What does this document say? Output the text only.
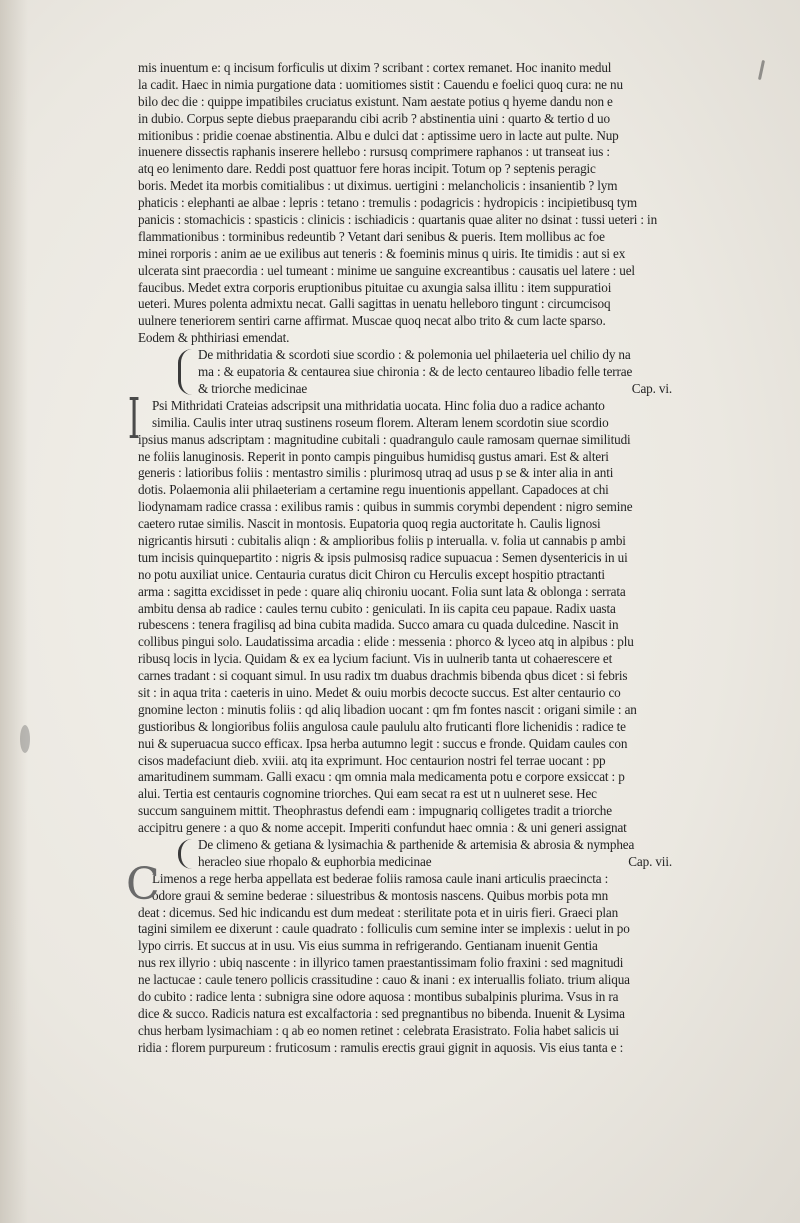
mis inuentum e: q incisum forficulis ut dixim ? scribant : cortex remanet. Hoc inanito medul
la cadit. Haec in nimia purgatione data : uomitiomes sistit : Cauendu e foelici quoq cura: ne nu
bilo dec die : quippe impatibiles cruciatus existunt. Nam aestate potius q hyeme dandu non e
in dubio. Corpus septe diebus praeparandu cibi acrib ? abstinentia uini : quarto & tertio d uo
mitionibus : pridie coenae abstinentia. Albu e dulci dat : aptissime uero in lacte aut pulte. Nup
inuenere dissectis raphanis inserere hellebo : rursusq comprimere raphanos : ut transeat ius :
atq eo lenimento dare. Reddi post quattuor fere horas incipit. Totum op ? septenis peragic
boris. Medet ita morbis comitialibus : ut diximus. uertigini : melancholicis : insanientib ? lym
phaticis : elephanti ae albae : lepris : tetano : tremulis : podagricis : hydropicis : incipietibusq tym
panicis : stomachicis : spasticis : clinicis : ischiadicis : quartanis quae aliter no dsinat : tussi ueteri : in
flammationibus : torminibus redeuntib ? Vetant dari senibus & pueris. Item mollibus ac foe
minei rorporis : anim ae ue exilibus aut teneris : & foeminis minus q uiris. Ite timidis : aut si ex
ulcerata sint praecordia : uel tumeant : minime ue sanguine excreantibus : causatis uel latere : uel
faucibus. Medet extra corporis eruptionibus pituitae cu axungia salsa illitu : item suppuratioi
ueteri. Mures polenta admixtu necat. Galli sagittas in uenatu helleboro tingunt : circumcisoq
uulnere teneriorem sentiri carne affirmat. Muscae quoq necat albo trito & cum lacte sparso.
Eodem & phthiriasi emendat.
De mithridatia & scordoti siue scordio : & polemonia uel philaeteria uel chilio dy na
ma : & eupatoria & centaurea siue chironia : & de lecto centaureo libadio felle terrae
& triorche medicinae	Cap. vi.
I Psi Mithridati Crateias adscripsit una mithridatia uocata. Hinc folia duo a radice achanto
similia. Caulis inter utraq sustinens roseum florem. Alteram lenem scordotin siue scordio
ipsius manus adscriptam : magnitudine cubitali : quadrangulo caule ramosam quernae similitudi
ne foliis lanuginosis. Reperit in ponto campis pinguibus humidisq gustus amari. Est & alteri
generis : latioribus foliis : mentastro similis : plurimosq utraq ad usus p se & inter alia in anti
dotis. Polaemonia alii philaeteriam a certamine regu inuentionis appellant. Capadoces at chi
liodynamam radice crassa : exilibus ramis : quibus in summis corymbi dependent : nigro semine
caetero rutae similis. Nascit in montosis. Eupatoria quoq regia auctoritate h. Caulis lignosi
nigricantis hirsuti : cubitalis aliqn : & amplioribus foliis p interualla. v. folia ut cannabis p ambi
tum incisis quinquepartito : nigris & ipsis pulmosisq radice supuacua : Semen dysentericis in ui
no potu auxiliat unice. Centauria curatus dicit Chiron cu Herculis except hospitio ptractanti
arma : sagitta excidisset in pede : quare aliq chironiu uocant. Folia sunt lata & oblonga : serrata
ambitu densa ab radice : caules ternu cubito : geniculati. In iis capita ceu papaue. Radix uasta
rubescens : tenera fragilisq ad bina cubita madida. Succo amara cu quada dulcedine. Nascit in
collibus pingui solo. Laudatissima arcadia : elide : messenia : phorco & lyceo atq in alpibus : plu
ribusq locis in lycia. Quidam & ex ea lycium faciunt. Vis in uulnerib tanta ut cohaerescere et
carnes tradant : si coquant simul. In usu radix tm duabus drachmis bibenda qbus dicet : si febris
sit : in aqua trita : caeteris in uino. Medet & ouiu morbis decocte succus. Est alter centaurio co
gnomine lecton : minutis foliis : qd aliq libadion uocant : qm fm fontes nascit : origani simile : an
gustioribus & longioribus foliis angulosa caule paululu alto fruticanti flore lichenidis : radice te
nui & superuacua succo efficax. Ipsa herba autumno legit : succus e fronde. Quidam caules con
cisos madefaciunt dieb. xviii. atq ita exprimunt. Hoc centaurion nostri fel terrae uocant : pp
amaritudinem summam. Galli exacu : qm omnia mala medicamenta potu e corpore exsiccat : p
alui. Tertia est centauris cognomine triorches. Qui eam secat ra est ut n uulneret sese. Hec
succum sanguinem mittit. Theophrastus defendi eam : impugnariq colligetes tradit a triorche
accipitru genere : a quo & nome accepit. Imperiti confundut haec omnia : & uni generi assignat
De climeno & getiana & lysimachia & parthenide & artemisia & abrosia & nymphea
heracleo siue rhopalo & euphorbia medicinae	Cap. vii.
C
Limenos a rege herba appellata est bederae foliis ramosa caule inani articulis praecincta :
odore graui & semine bederae : siluestribus & montosis nascens. Quibus morbis pota mn
deat : dicemus. Sed hic indicandu est dum medeat : sterilitate pota et in uiris fieri. Graeci plan
tagini similem ee dixerunt : caule quadrato : folliculis cum semine inter se implexis : uelut in po
lypo cirris. Et succus at in usu. Vis eius summa in refrigerando. Gentianam inuenit Gentia
nus rex illyrio : ubiq nascente : in illyrico tamen praestantissimam folio fraxini : sed magnitudi
ne lactucae : caule tenero pollicis crassitudine : cauo & inani : ex interuallis foliato. trium aliqua
do cubito : radice lenta : subnigra sine odore aquosa : montibus subalpinis plurima. Vsus in ra
dice & succo. Radicis natura est excalfactoria : sed pregnantibus no bibenda. Inuenit & Lysima
chus herbam lysimachiam : q ab eo nomen retinet : celebrata Erasistrato. Folia habet salicis ui
ridia : florem purpureum : fruticosum : ramulis erectis graui gignit in aquosis. Vis eius tanta e :
